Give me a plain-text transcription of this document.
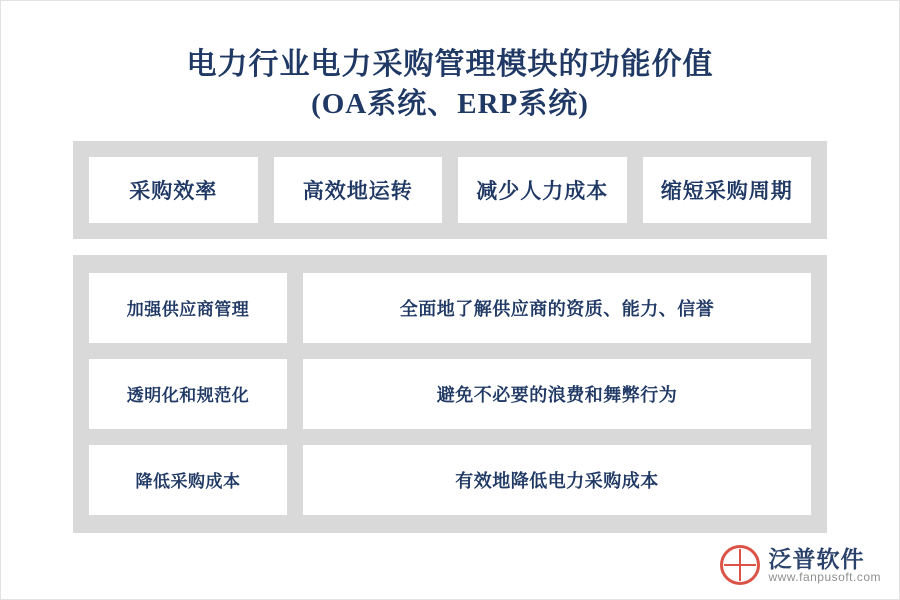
电力行业电力采购管理模块的功能价值
(OA系统、ERP系统)
采购效率	高效地运转	减少人力成本	缩短采购周期
加强供应商管理	全面地了解供应商的资质、能力、信誉
透明化和规范化	避免不必要的浪费和舞弊行为
降低采购成本	有效地降低电力采购成本
泛普软件
www.fanpusoft.com
